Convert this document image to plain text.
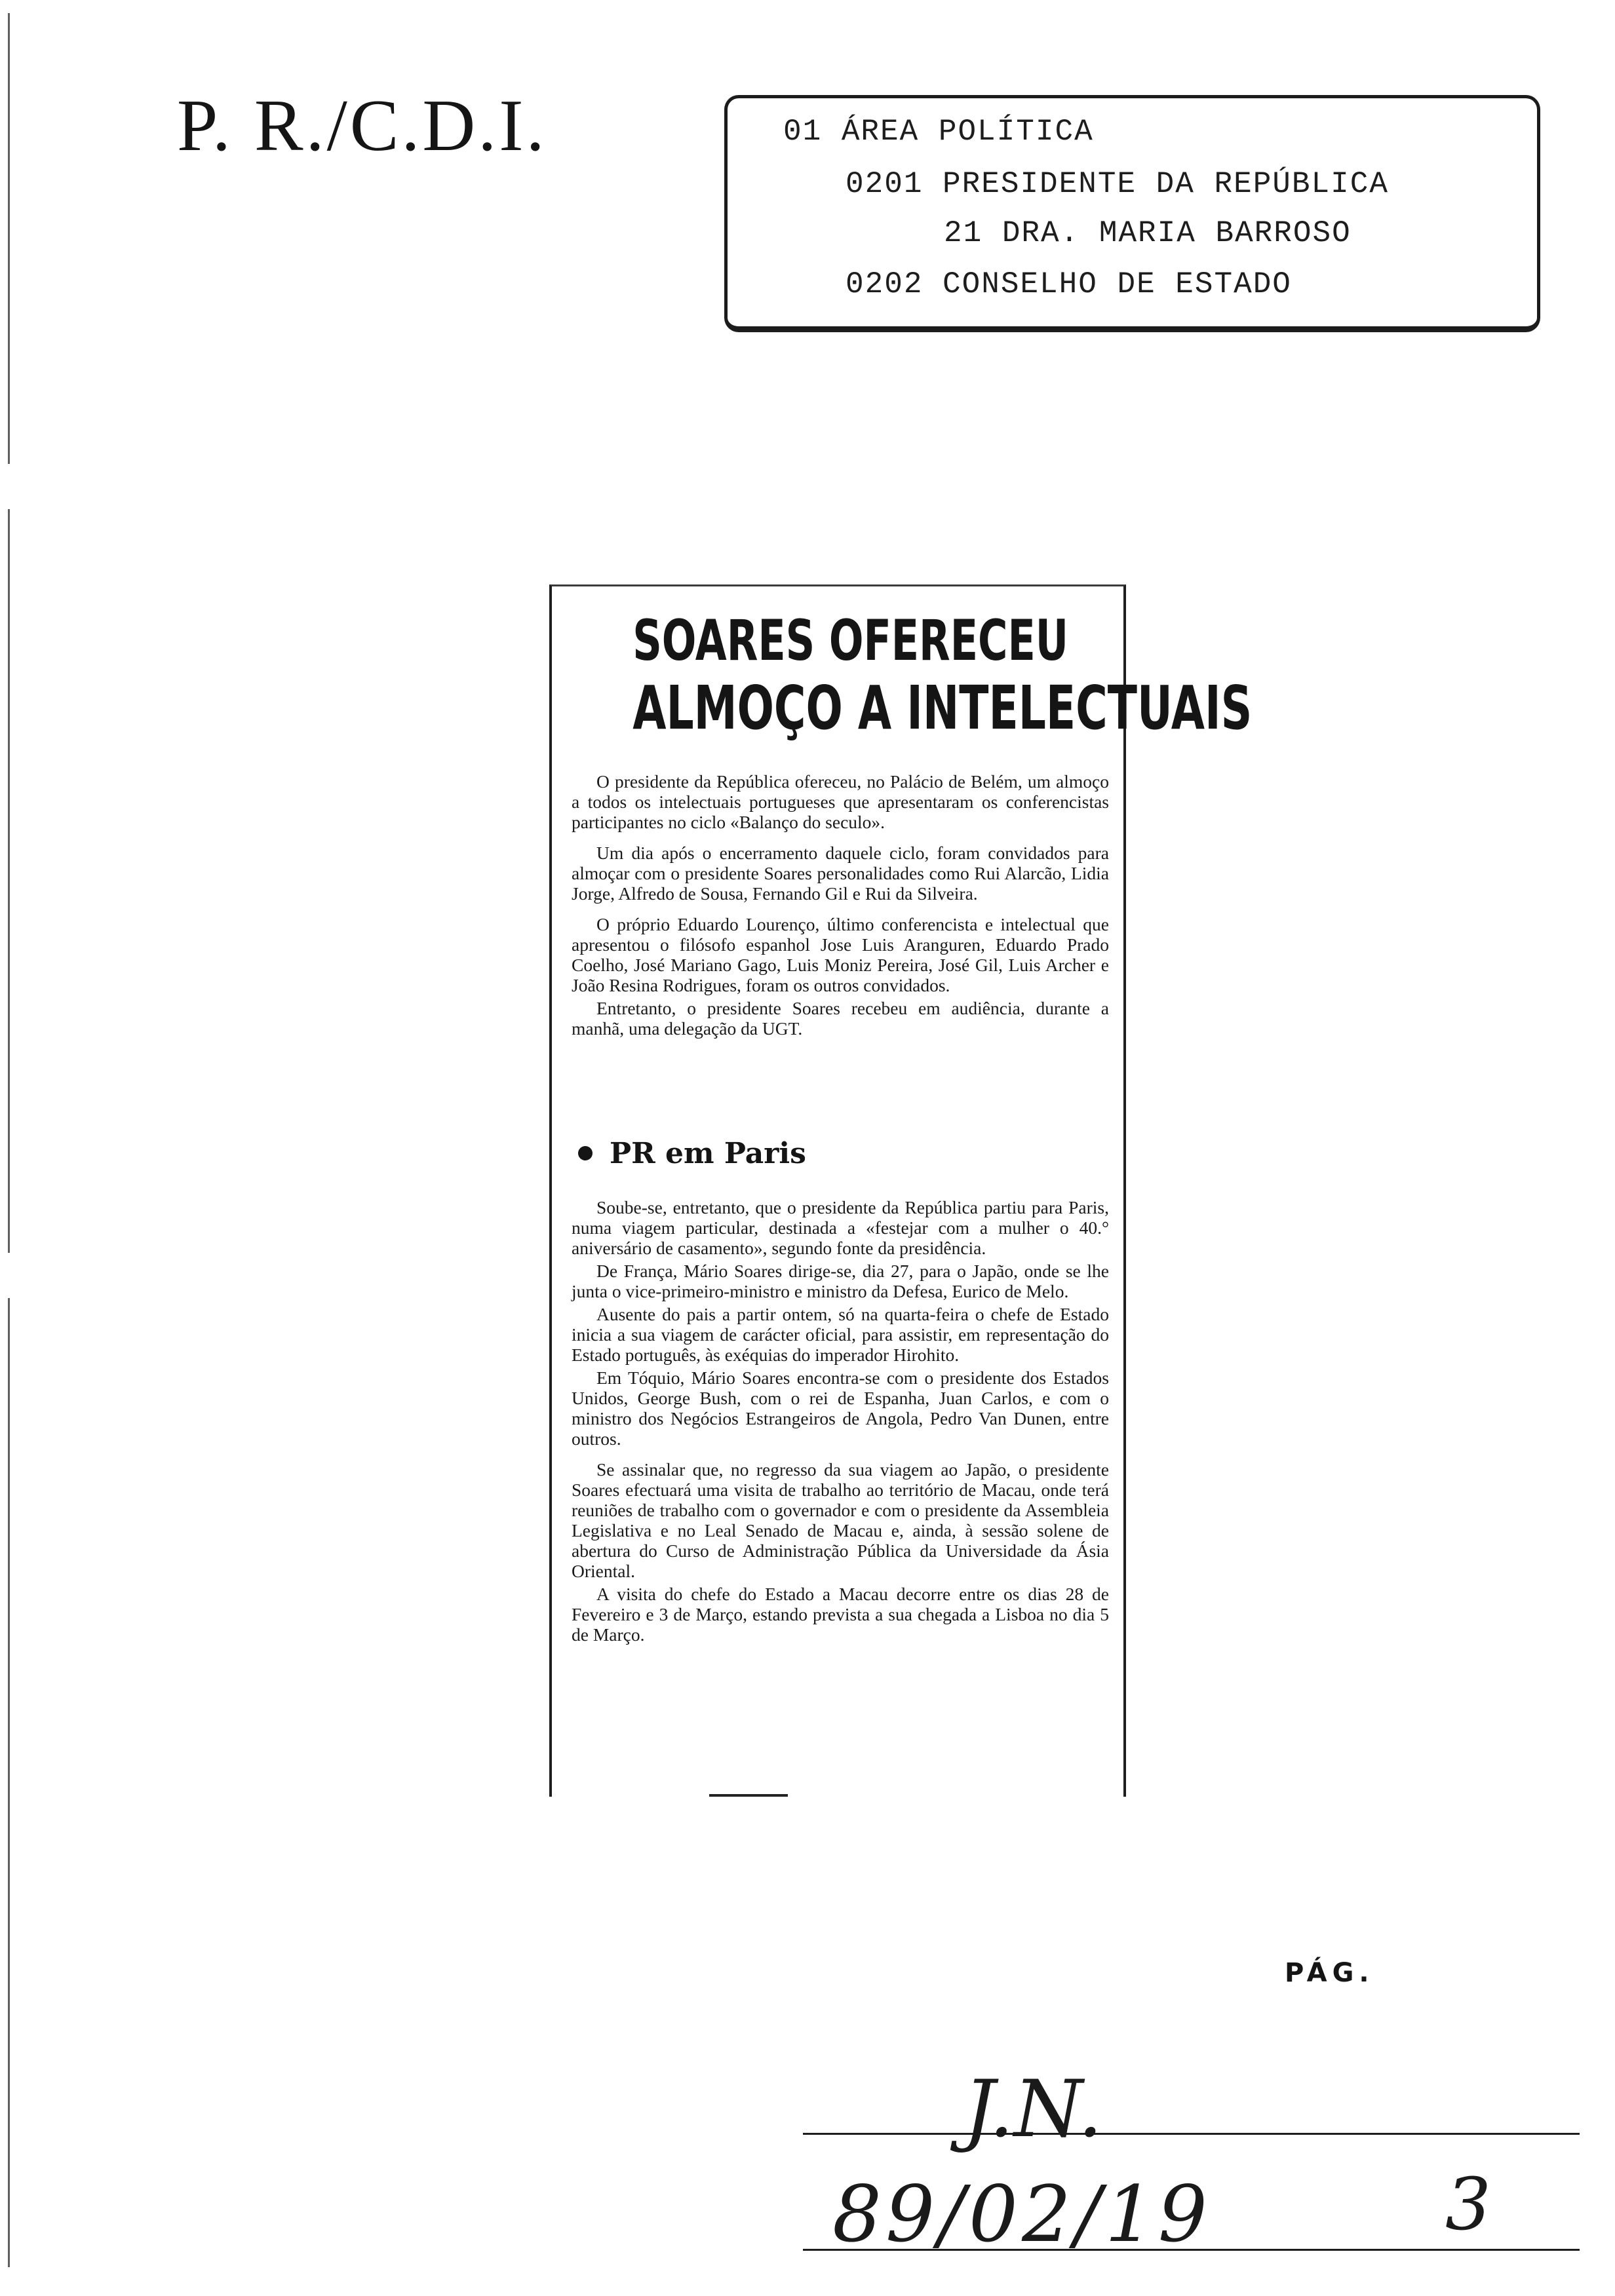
P. R./C.D.I.	01 ÁREA POLÍTICA
0201 PRESIDENTE DA REPÚBLICA
21 DRA. MARIA BARROSO
0202 CONSELHO DE ESTADO
SOARES OFERECEU
ALMOÇO A INTELECTUAIS

O presidente da República ofereceu, no Palácio de Belém, um almoço a todos os intelectuais portugueses que apresentaram os conferencistas participantes no ciclo «Balanço do seculo».

Um dia após o encerramento daquele ciclo, foram convidados para almoçar com o presidente Soares personalidades como Rui Alarcão, Lidia Jorge, Alfredo de Sousa, Fernando Gil e Rui da Silveira.

O próprio Eduardo Lourenço, último conferencista e intelectual que apresentou o filósofo espanhol Jose Luis Aranguren, Eduardo Prado Coelho, José Mariano Gago, Luis Moniz Pereira, José Gil, Luis Archer e João Resina Rodrigues, foram os outros convidados.

Entretanto, o presidente Soares recebeu em audiência, durante a manhã, uma delegação da UGT.

PR em Paris

Soube-se, entretanto, que o presidente da República partiu para Paris, numa viagem particular, destinada a «festejar com a mulher o 40.° aniversário de casamento», segundo fonte da presidência.

De França, Mário Soares dirige-se, dia 27, para o Japão, onde se lhe junta o vice-primeiro-ministro e ministro da Defesa, Eurico de Melo.

Ausente do pais a partir ontem, só na quarta-feira o chefe de Estado inicia a sua viagem de carácter oficial, para assistir, em representação do Estado português, às exéquias do imperador Hirohito.

Em Tóquio, Mário Soares encontra-se com o presidente dos Estados Unidos, George Bush, com o rei de Espanha, Juan Carlos, e com o ministro dos Negócios Estrangeiros de Angola, Pedro Van Dunen, entre outros.

Se assinalar que, no regresso da sua viagem ao Japão, o presidente Soares efectuará uma visita de trabalho ao território de Macau, onde terá reuniões de trabalho com o governador e com o presidente da Assembleia Legislativa e no Leal Senado de Macau e, ainda, à sessão solene de abertura do Curso de Administração Pública da Universidade da Ásia Oriental.

A visita do chefe do Estado a Macau decorre entre os dias 28 de Fevereiro e 3 de Março, estando prevista a sua chegada a Lisboa no dia 5 de Março.

J.N.
89/02/19
PÁG.
3
